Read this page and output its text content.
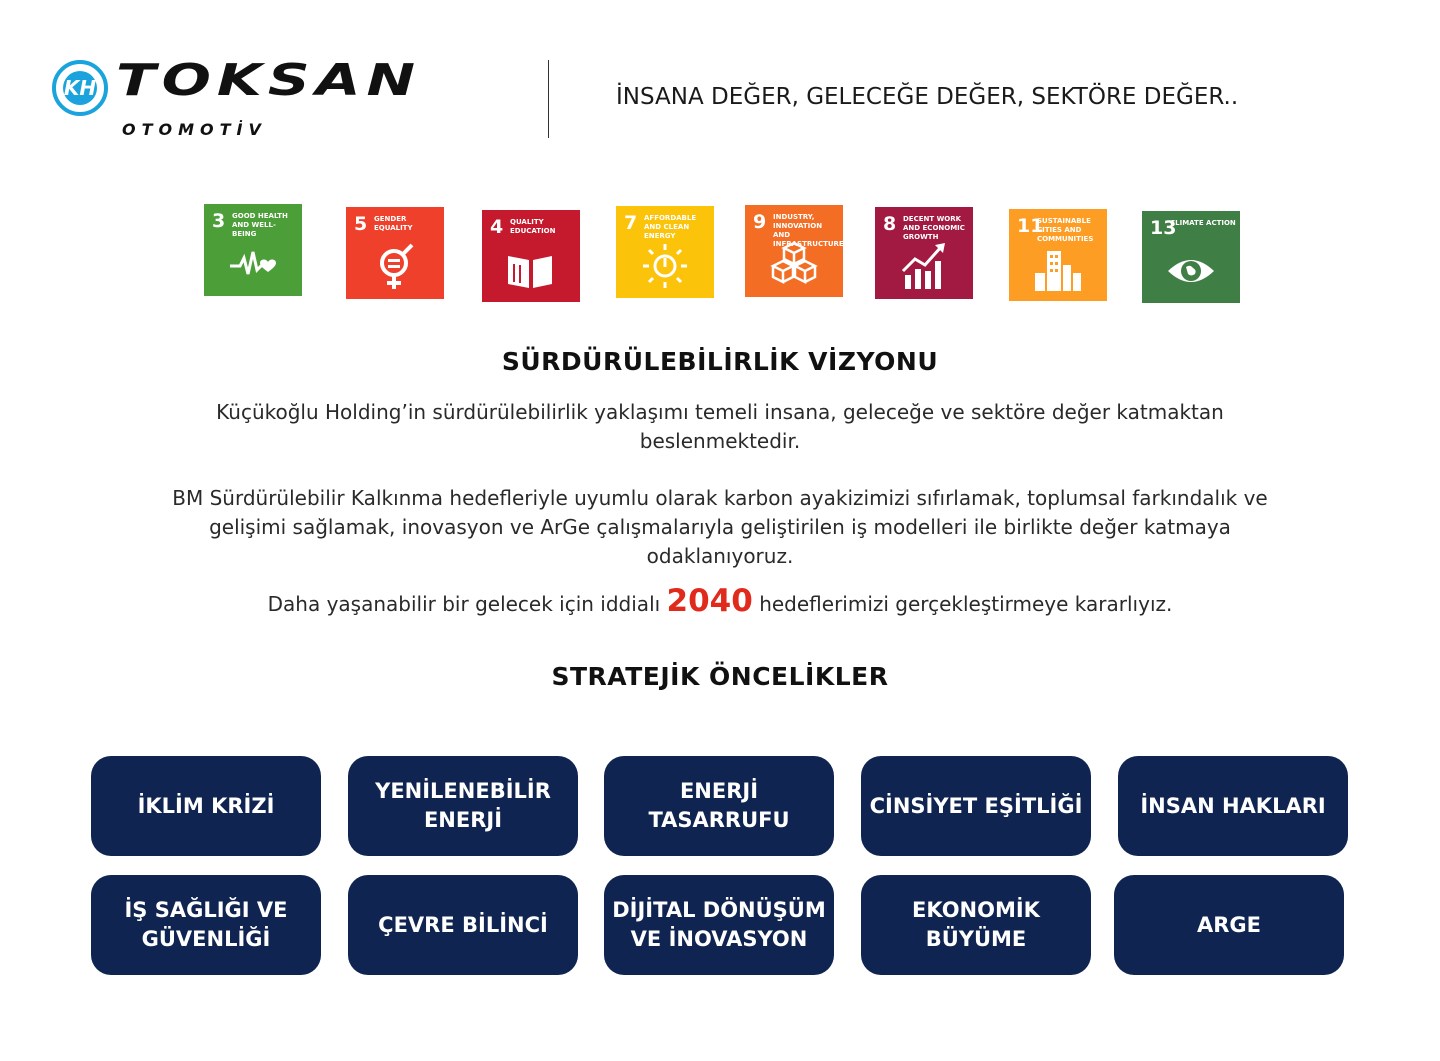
KH TOKSAN
OTOMOTİV
İNSANA DEĞER, GELECEĞE DEĞER, SEKTÖRE DEĞER..
3 GOOD HEALTH AND WELL-BEING	5 GENDER EQUALITY	4 QUALITY EDUCATION	7 AFFORDABLE AND CLEAN ENERGY
9 INDUSTRY, INNOVATION AND INFRASTRUCTURE
8 DECENT WORK AND ECONOMIC GROWTH	11
SUSTAINABLE CITIES AND COMMUNITIES	13
CLIMATE ACTION
SÜRDÜRÜLEBİLİRLİK VİZYONU
Küçükoğlu Holding’in sürdürülebilirlik yaklaşımı temeli insana, geleceğe ve sektöre değer katmaktan beslenmektedir.
BM Sürdürülebilir Kalkınma hedefleriyle uyumlu olarak karbon ayakizimizi sıfırlamak, toplumsal farkındalık ve gelişimi sağlamak, inovasyon ve ArGe çalışmalarıyla geliştirilen iş modelleri ile birlikte değer katmaya odaklanıyoruz.
Daha yaşanabilir bir gelecek için iddialı 2040 hedeflerimizi gerçekleştirmeye kararlıyız.
STRATEJİK ÖNCELİKLER
İKLİM KRİZİ
YENİLENEBİLİR ENERJİ
ENERJİ TASARRUFU
CİNSİYET EŞİTLİĞİ	İNSAN HAKLARI
İŞ SAĞLIĞI VE GÜVENLİĞİ
ÇEVRE BİLİNCİ
DİJİTAL DÖNÜŞÜM VE İNOVASYON
EKONOMİK BÜYÜME
ARGE
